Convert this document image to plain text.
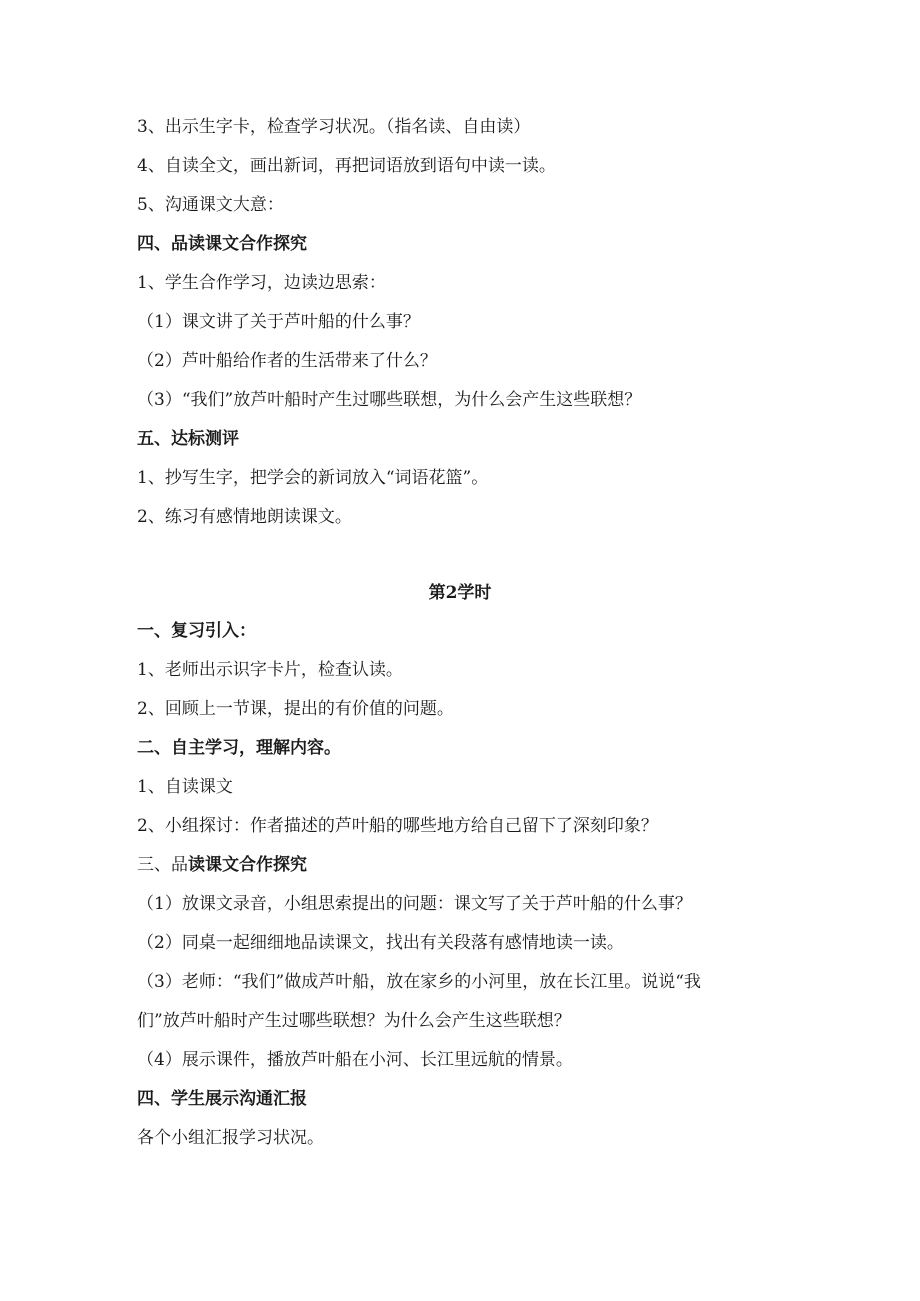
3、出示生字卡，检查学习状况。（指名读、自由读）
4、自读全文，画出新词，再把词语放到语句中读一读。
5、沟通课文大意：
四、品读课文合作探究
1、学生合作学习，边读边思索：
（1）课文讲了关于芦叶船的什么事？
（2）芦叶船给作者的生活带来了什么？
（3）“我们”放芦叶船时产生过哪些联想，为什么会产生这些联想？
五、达标测评
1、抄写生字，把学会的新词放入“词语花篮”。
2、练习有感情地朗读课文。
第2学时
一、复习引入：
1、老师出示识字卡片，检查认读。
2、回顾上一节课，提出的有价值的问题。
二、自主学习，理解内容。
1、自读课文
2、小组探讨：作者描述的芦叶船的哪些地方给自己留下了深刻印象？
三、品读课文合作探究
（1）放课文录音，小组思索提出的问题：课文写了关于芦叶船的什么事？
（2）同桌一起细细地品读课文，找出有关段落有感情地读一读。
（3）老师：“我们”做成芦叶船，放在家乡的小河里，放在长江里。说说“我
们”放芦叶船时产生过哪些联想？为什么会产生这些联想？
（4）展示课件，播放芦叶船在小河、长江里远航的情景。
四、学生展示沟通汇报
各个小组汇报学习状况。
